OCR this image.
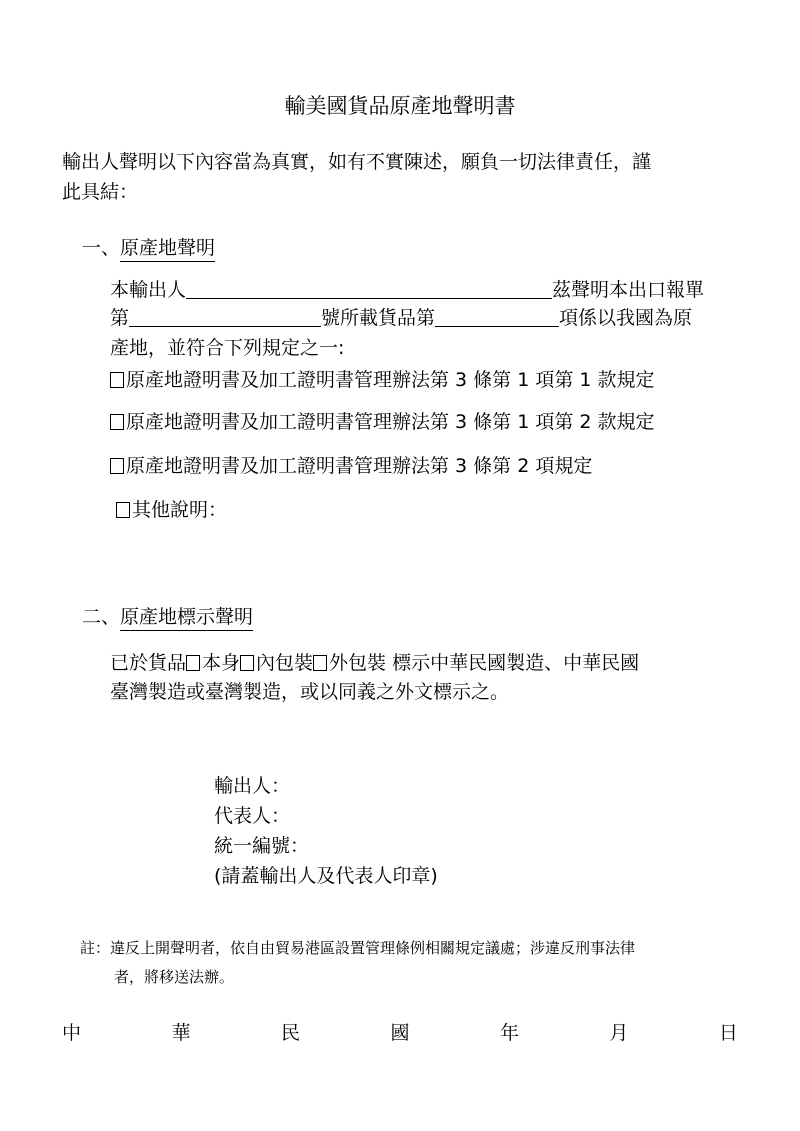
輸美國貨品原產地聲明書
輸出人聲明以下內容當為真實，如有不實陳述，願負一切法律責任，謹
此具結：
一、原產地聲明
本輸出人	茲聲明本出口報單
第	號所載貨品第	項係以我國為原
產地，並符合下列規定之一:
原產地證明書及加工證明書管理辦法第 3 條第 1 項第 1 款規定
原產地證明書及加工證明書管理辦法第 3 條第 1 項第 2 款規定
原產地證明書及加工證明書管理辦法第 3 條第 2 項規定
其他說明：
二、原產地標示聲明
已於貨品 本身 內包裝 外包裝 標示中華民國製造、中華民國
臺灣製造或臺灣製造，或以同義之外文標示之。
輸出人：
代表人：
統一編號：
(請蓋輸出人及代表人印章)
註：違反上開聲明者，依自由貿易港區設置管理條例相關規定議處；涉違反刑事法律
者，將移送法辦。
中	華	民	國	年	月	日
